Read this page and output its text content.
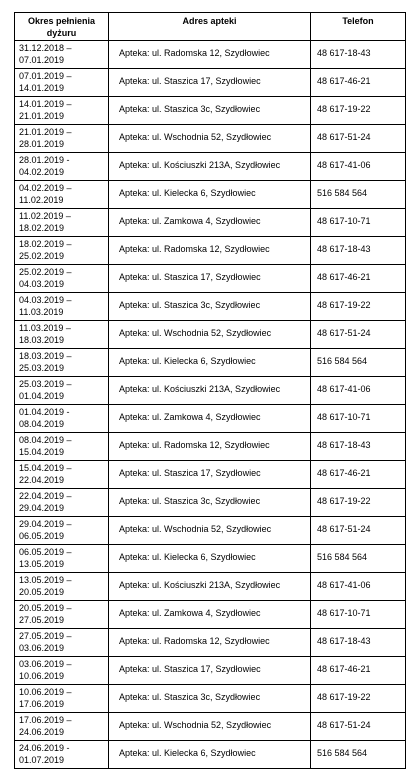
Okres pełnienia
dyżuru	Adres apteki	Telefon

31.12.2018 –
07.01.2019	Apteka: ul. Radomska 12, Szydłowiec	48 617-18-43

07.01.2019 –
14.01.2019	Apteka: ul. Staszica 17, Szydłowiec	48 617-46-21

14.01.2019 –
21.01.2019	Apteka: ul. Staszica 3c, Szydłowiec	48 617-19-22

21.01.2019 –
28.01.2019	Apteka: ul. Wschodnia 52, Szydłowiec	48 617-51-24

28.01.2019 -
04.02.2019	Apteka: ul. Kościuszki 213A, Szydłowiec	48 617-41-06

04.02.2019 –
11.02.2019	Apteka: ul. Kielecka 6, Szydłowiec	516 584 564

11.02.2019 –
18.02.2019	Apteka: ul. Zamkowa 4, Szydłowiec	48 617-10-71

18.02.2019 –
25.02.2019	Apteka: ul. Radomska 12, Szydłowiec	48 617-18-43

25.02.2019 –
04.03.2019	Apteka: ul. Staszica 17, Szydłowiec	48 617-46-21

04.03.2019 –
11.03.2019	Apteka: ul. Staszica 3c, Szydłowiec	48 617-19-22

11.03.2019 –
18.03.2019	Apteka: ul. Wschodnia 52, Szydłowiec	48 617-51-24

18.03.2019 –
25.03.2019	Apteka: ul. Kielecka 6, Szydłowiec	516 584 564

25.03.2019 –
01.04.2019	Apteka: ul. Kościuszki 213A, Szydłowiec	48 617-41-06

01.04.2019 -
08.04.2019	Apteka: ul. Zamkowa 4, Szydłowiec	48 617-10-71

08.04.2019 –
15.04.2019	Apteka: ul. Radomska 12, Szydłowiec	48 617-18-43

15.04.2019 –
22.04.2019	Apteka: ul. Staszica 17, Szydłowiec	48 617-46-21

22.04.2019 –
29.04.2019	Apteka: ul. Staszica 3c, Szydłowiec	48 617-19-22

29.04.2019 –
06.05.2019	Apteka: ul. Wschodnia 52, Szydłowiec	48 617-51-24

06.05.2019 –
13.05.2019	Apteka: ul. Kielecka 6, Szydłowiec	516 584 564

13.05.2019 –
20.05.2019	Apteka: ul. Kościuszki 213A, Szydłowiec	48 617-41-06

20.05.2019 –
27.05.2019	Apteka: ul. Zamkowa 4, Szydłowiec	48 617-10-71

27.05.2019 –
03.06.2019	Apteka: ul. Radomska 12, Szydłowiec	48 617-18-43

03.06.2019 –
10.06.2019	Apteka: ul. Staszica 17, Szydłowiec	48 617-46-21

10.06.2019 –
17.06.2019	Apteka: ul. Staszica 3c, Szydłowiec	48 617-19-22

17.06.2019 –
24.06.2019	Apteka: ul. Wschodnia 52, Szydłowiec	48 617-51-24

24.06.2019 -
01.07.2019	Apteka: ul. Kielecka 6, Szydłowiec	516 584 564
